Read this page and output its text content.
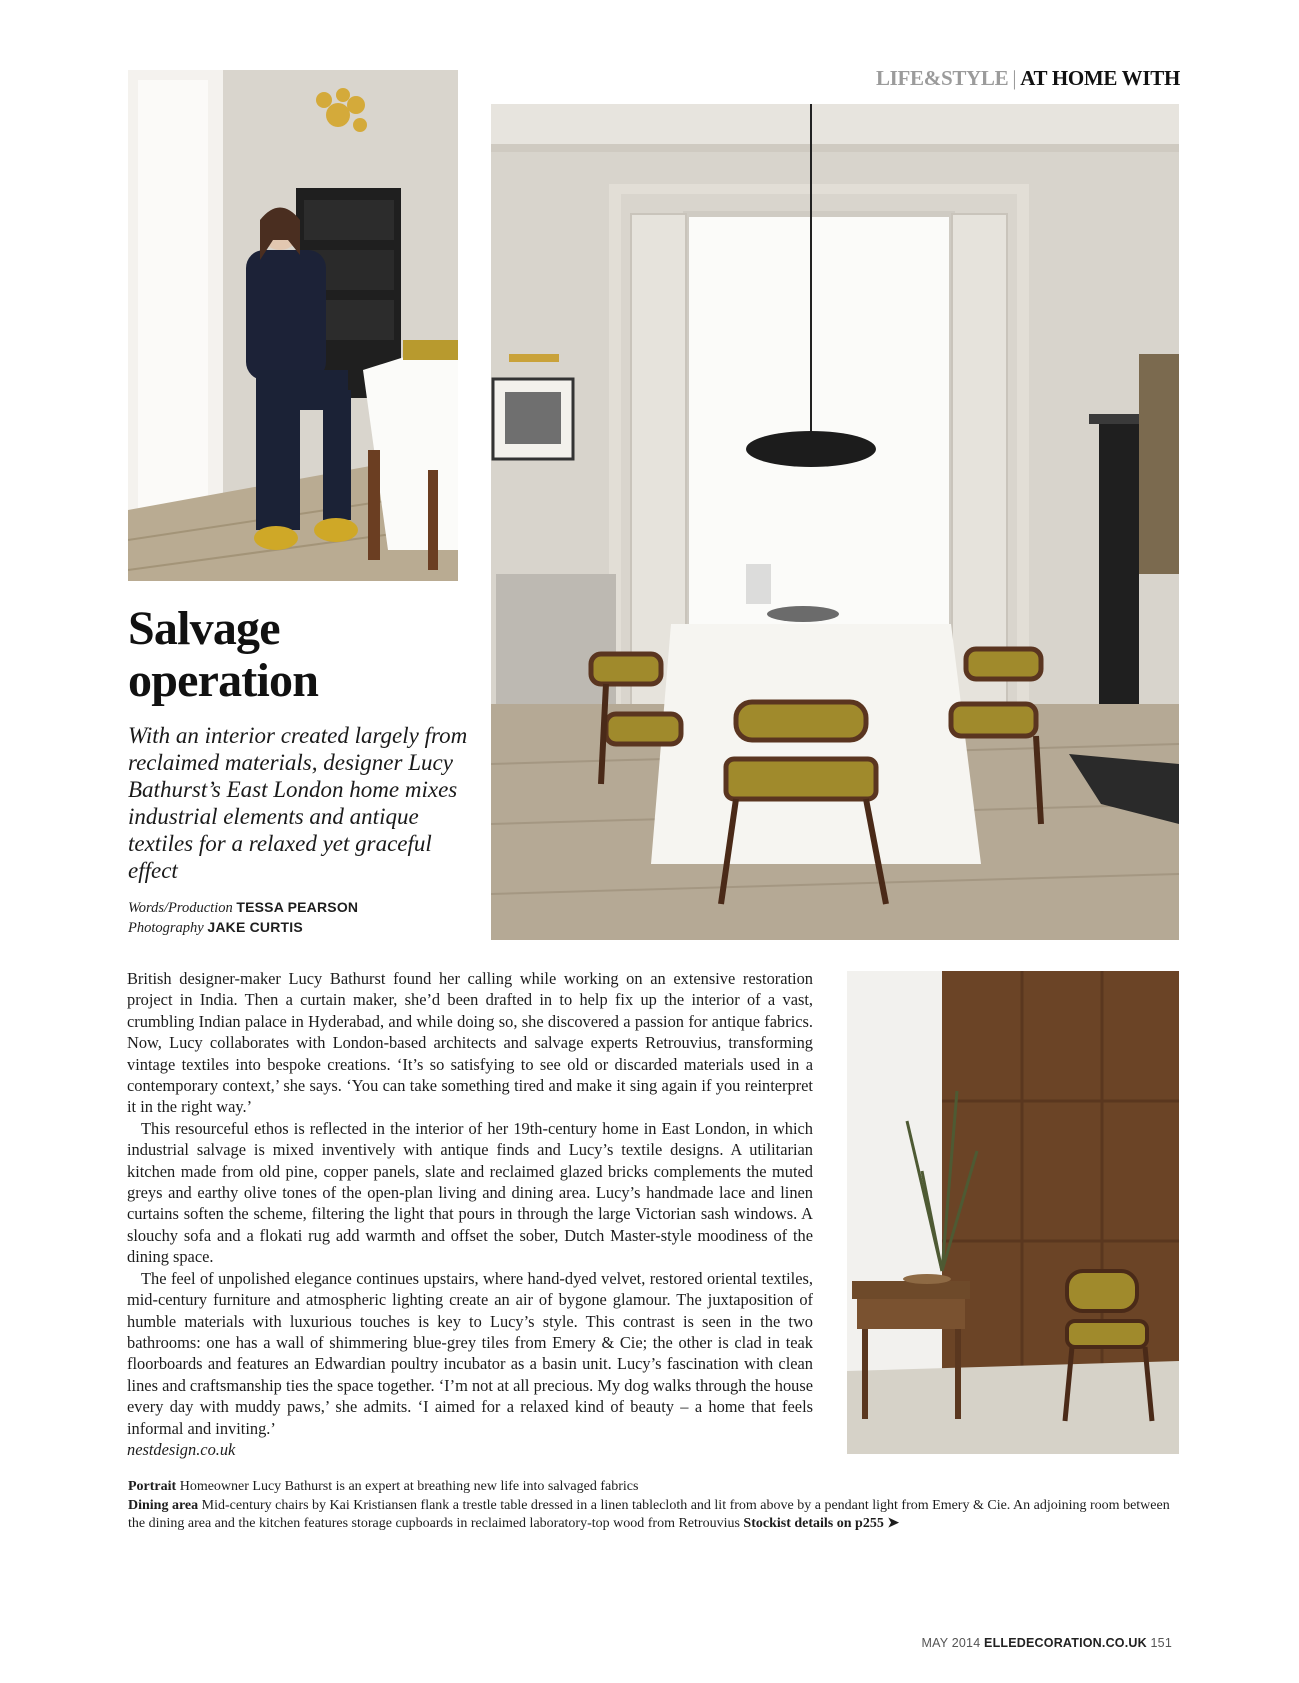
LIFE&STYLE | AT HOME WITH
Salvage
operation

With an interior created largely from reclaimed materials, designer Lucy Bathurst’s East London home mixes industrial elements and antique textiles for a relaxed yet graceful effect

Words/Production TESSA PEARSON
Photography JAKE CURTIS

British designer-maker Lucy Bathurst found her calling while working on an extensive restoration project in India. Then a curtain maker, she’d been drafted in to help fix up the interior of a vast, crumbling Indian palace in Hyderabad, and while doing so, she discovered a passion for antique fabrics. Now, Lucy collaborates with London-based architects and salvage experts Retrouvius, transforming vintage textiles into bespoke creations. ‘It’s so satisfying to see old or discarded materials used in a contemporary context,’ she says. ‘You can take something tired and make it sing again if you reinterpret it in the right way.’

This resourceful ethos is reflected in the interior of her 19th-century home in East London, in which industrial salvage is mixed inventively with antique finds and Lucy’s textile designs. A utilitarian kitchen made from old pine, copper panels, slate and reclaimed glazed bricks complements the muted greys and earthy olive tones of the open-plan living and dining area. Lucy’s handmade lace and linen curtains soften the scheme, filtering the light that pours in through the large Victorian sash windows. A slouchy sofa and a flokati rug add warmth and offset the sober, Dutch Master-style moodiness of the dining space.

The feel of unpolished elegance continues upstairs, where hand-dyed velvet, restored oriental textiles, mid-century furniture and atmospheric lighting create an air of bygone glamour. The juxtaposition of humble materials with luxurious touches is key to Lucy’s style. This contrast is seen in the two bathrooms: one has a wall of shimmering blue-grey tiles from Emery & Cie; the other is clad in teak floorboards and features an Edwardian poultry incubator as a basin unit. Lucy’s fascination with clean lines and craftsmanship ties the space together. ‘I’m not at all precious. My dog walks through the house every day with muddy paws,’ she admits. ‘I aimed for a relaxed kind of beauty – a home that feels informal and inviting.’

nestdesign.co.uk

Portrait Homeowner Lucy Bathurst is an expert at breathing new life into salvaged fabrics

Dining area Mid-century chairs by Kai Kristiansen flank a trestle table dressed in a linen tablecloth and lit from above by a pendant light from Emery & Cie. An adjoining room between the dining area and the kitchen features storage cupboards in reclaimed laboratory-top wood from Retrouvius Stockist details on p255 ➤

MAY 2014 ELLEDECORATION.CO.UK 151
